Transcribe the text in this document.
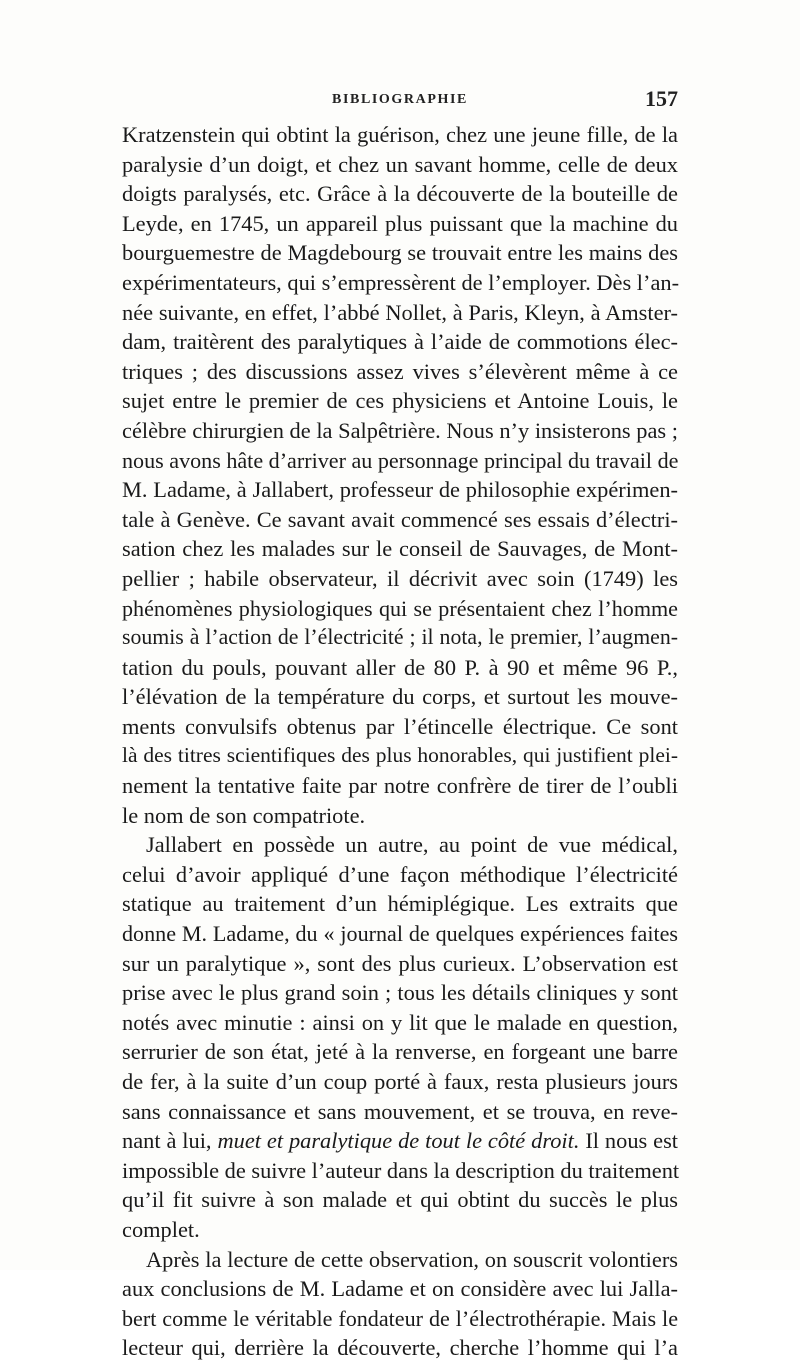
BIBLIOGRAPHIE	157
Kratzenstein qui obtint la guérison, chez une jeune fille, de la
paralysie d’un doigt, et chez un savant homme, celle de deux
doigts paralysés, etc. Grâce à la découverte de la bouteille de
Leyde, en 1745, un appareil plus puissant que la machine du
bourguemestre de Magdebourg se trouvait entre les mains des
expérimentateurs, qui s’empressèrent de l’employer. Dès l’an-
née suivante, en effet, l’abbé Nollet, à Paris, Kleyn, à Amster-
dam, traitèrent des paralytiques à l’aide de commotions élec-
triques ; des discussions assez vives s’élevèrent même à ce
sujet entre le premier de ces physiciens et Antoine Louis, le
célèbre chirurgien de la Salpêtrière. Nous n’y insisterons pas ;
nous avons hâte d’arriver au personnage principal du travail de
M. Ladame, à Jallabert, professeur de philosophie expérimen-
tale à Genève. Ce savant avait commencé ses essais d’électri-
sation chez les malades sur le conseil de Sauvages, de Mont-
pellier ; habile observateur, il décrivit avec soin (1749) les
phénomènes physiologiques qui se présentaient chez l’homme
soumis à l’action de l’électricité ; il nota, le premier, l’augmen-
tation du pouls, pouvant aller de 80 P. à 90 et même 96 P.,
l’élévation de la température du corps, et surtout les mouve-
ments convulsifs obtenus par l’étincelle électrique. Ce sont
là des titres scientifiques des plus honorables, qui justifient plei-
nement la tentative faite par notre confrère de tirer de l’oubli
le nom de son compatriote.
Jallabert en possède un autre, au point de vue médical,
celui d’avoir appliqué d’une façon méthodique l’électricité
statique au traitement d’un hémiplégique. Les extraits que
donne M. Ladame, du « journal de quelques expériences faites
sur un paralytique », sont des plus curieux. L’observation est
prise avec le plus grand soin ; tous les détails cliniques y sont
notés avec minutie : ainsi on y lit que le malade en question,
serrurier de son état, jeté à la renverse, en forgeant une barre
de fer, à la suite d’un coup porté à faux, resta plusieurs jours
sans connaissance et sans mouvement, et se trouva, en reve-
nant à lui, muet et paralytique de tout le côté droit. Il nous est
impossible de suivre l’auteur dans la description du traitement
qu’il fit suivre à son malade et qui obtint du succès le plus
complet.
Après la lecture de cette observation, on souscrit volontiers
aux conclusions de M. Ladame et on considère avec lui Jalla-
bert comme le véritable fondateur de l’électrothérapie. Mais le
lecteur qui, derrière la découverte, cherche l’homme qui l’a
